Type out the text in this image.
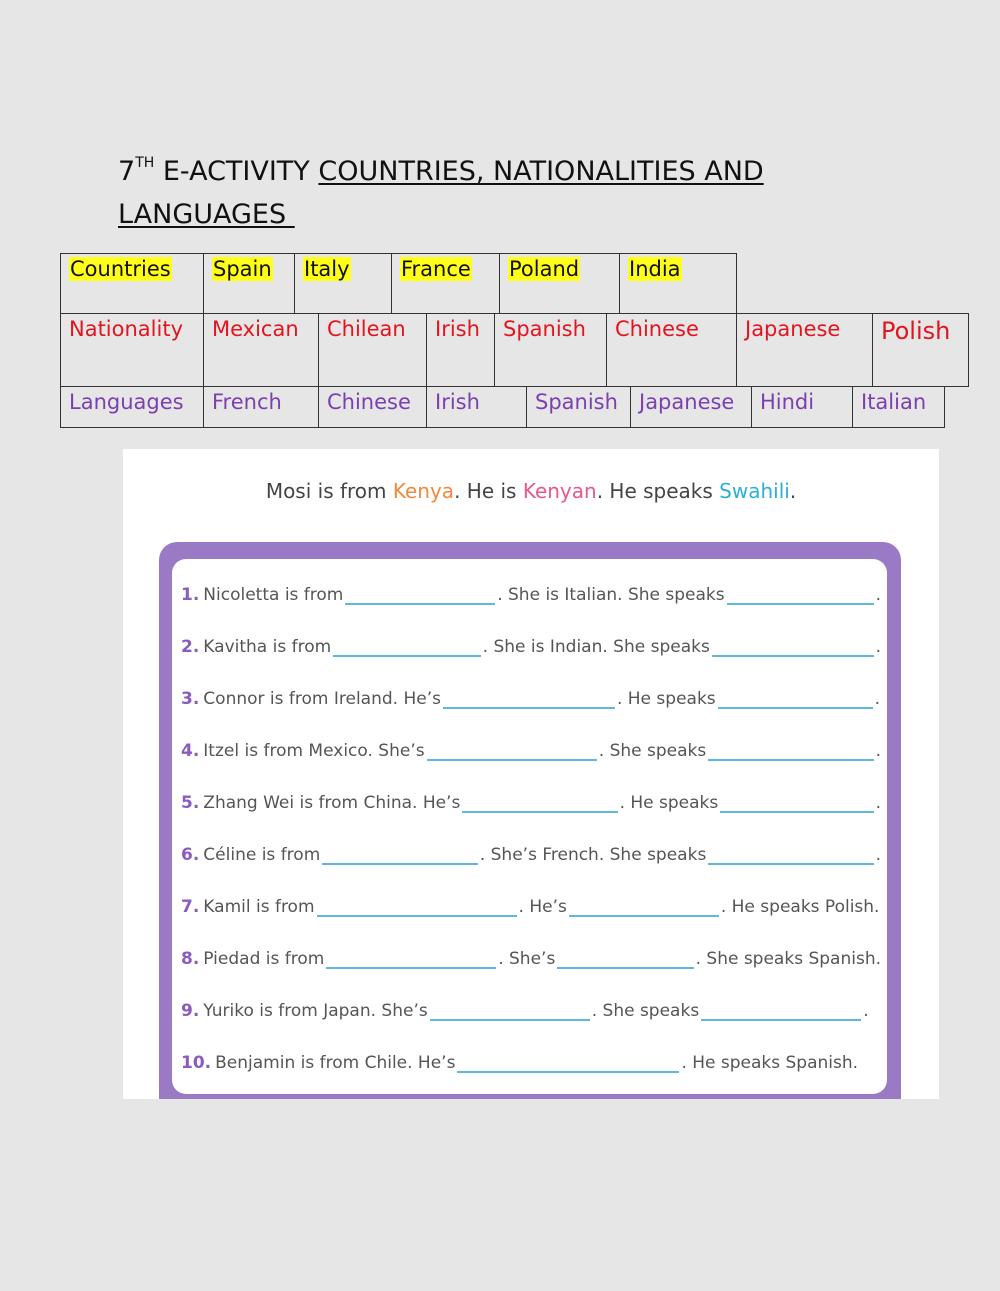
7TH E-ACTIVITY COUNTRIES, NATIONALITIES AND
LANGUAGES
Countries	Spain	Italy	France	Poland	India
Nationality	Mexican	Chilean	Irish	Spanish	Chinese	Japanese	Polish
Languages	French	Chinese	Irish	Spanish	Japanese	Hindi	Italian
Mosi is from Kenya. He is Kenyan. He speaks Swahili.
1. Nicoletta is from	. She is Italian. She speaks	.
2. Kavitha is from	. She is Indian. She speaks	.
3. Connor is from Ireland. He’s	. He speaks	.
4. Itzel is from Mexico. She’s	. She speaks	.
5. Zhang Wei is from China. He’s	. He speaks	.
6. Céline is from	. She’s French. She speaks	.
7. Kamil is from	. He’s	. He speaks Polish.
8. Piedad is from	. She’s	. She speaks Spanish.
9. Yuriko is from Japan. She’s	. She speaks	.
10. Benjamin is from Chile. He’s	. He speaks Spanish.
